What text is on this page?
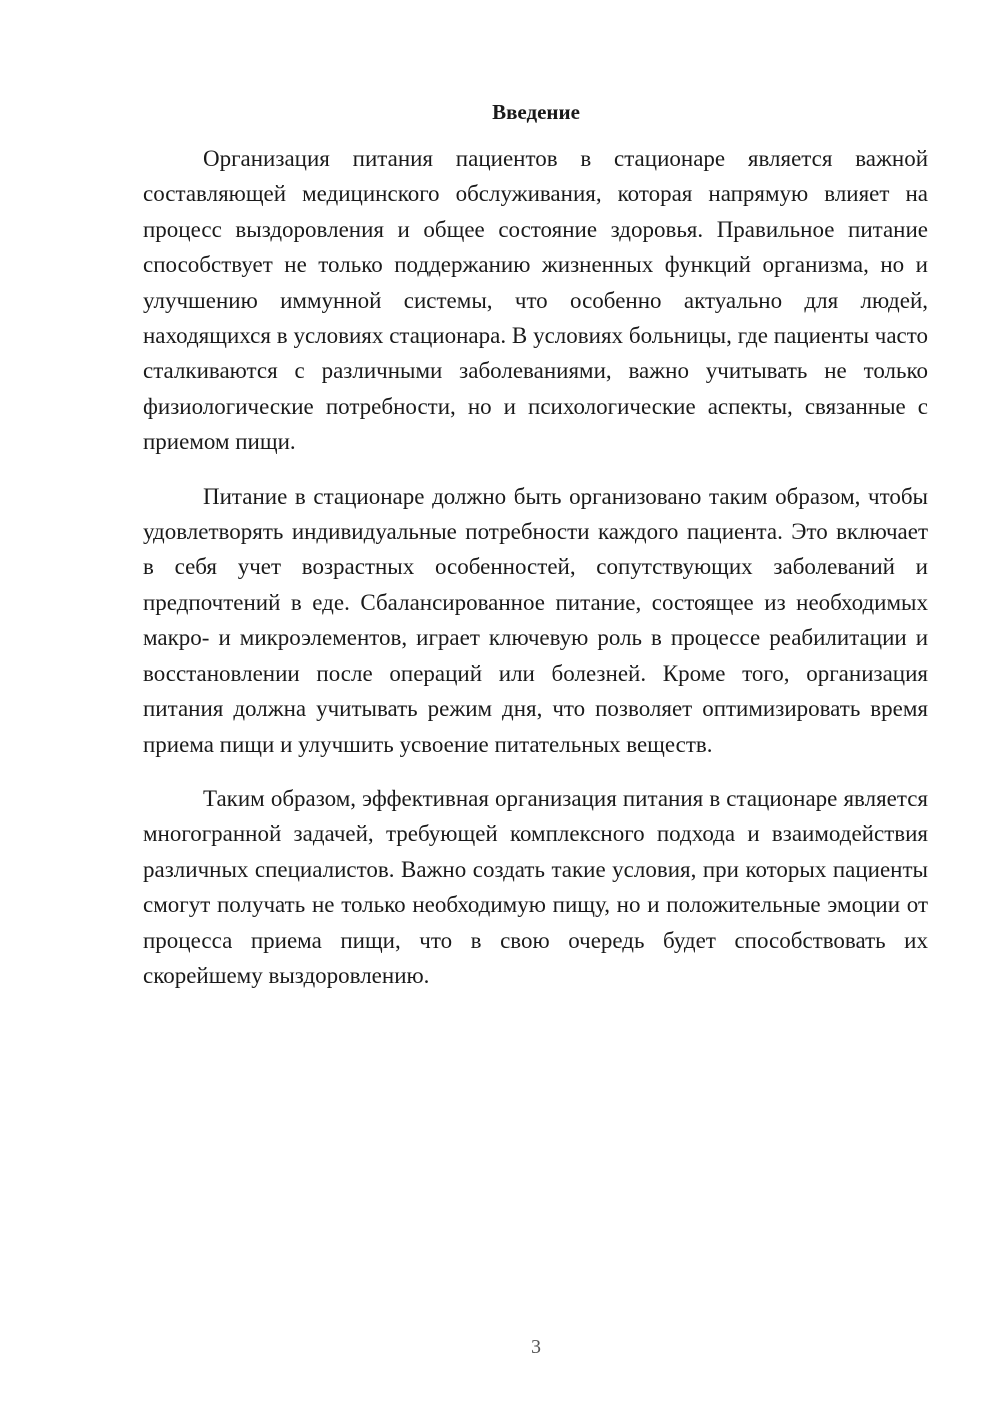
Введение

Организация питания пациентов в стационаре является важной составляющей медицинского обслуживания, которая напрямую влияет на процесс выздоровления и общее состояние здоровья. Правильное питание способствует не только поддержанию жизненных функций организма, но и улучшению иммунной системы, что особенно актуально для людей, находящихся в условиях стационара. В условиях больницы, где пациенты часто сталкиваются с различными заболеваниями, важно учитывать не только физиологические потребности, но и психологические аспекты, связанные с приемом пищи.

Питание в стационаре должно быть организовано таким образом, чтобы удовлетворять индивидуальные потребности каждого пациента. Это включает в себя учет возрастных особенностей, сопутствующих заболеваний и предпочтений в еде. Сбалансированное питание, состоящее из необходимых макро- и микроэлементов, играет ключевую роль в процессе реабилитации и восстановлении после операций или болезней. Кроме того, организация питания должна учитывать режим дня, что позволяет оптимизировать время приема пищи и улучшить усвоение питательных веществ.

Таким образом, эффективная организация питания в стационаре является многогранной задачей, требующей комплексного подхода и взаимодействия различных специалистов. Важно создать такие условия, при которых пациенты смогут получать не только необходимую пищу, но и положительные эмоции от процесса приема пищи, что в свою очередь будет способствовать их скорейшему выздоровлению.

3
